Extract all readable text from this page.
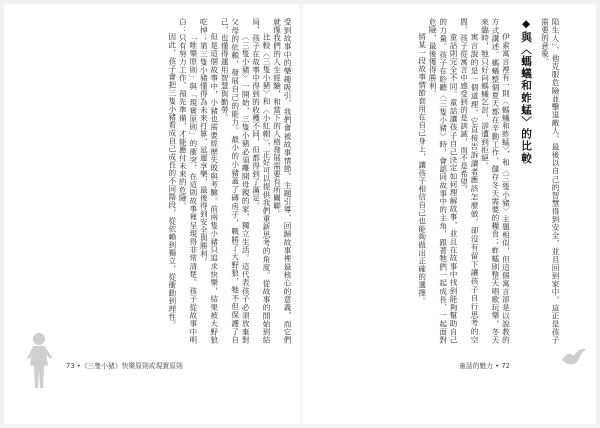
受到故事中的樂趣吸引，我們會被故事情節、主題引導，回歸故事裡最核心的意義，而它們就像我們的人生經驗，和當下的人格發展需要有所關聯。

比較〈三隻小豬〉和〈小紅帽〉，正好可以提供我們重新思考的角度。從故事的開始到結局，孩子在故事中得到的收穫不同，但都得到了滿足。

〈三隻小豬〉一開始，三隻小豬必須離開母親的家，獨立生活。這代表孩子必須放棄對父母的依賴，發展自己的能力。最小的小豬蓋了磚房子，戰勝了大野狼，牠不但保護了自己，也懂得運用智慧與勤勞。

但是這個故事中，小豬也需要經歷失敗與考驗。前兩隻小豬只追求快樂，結果被大野狼吃掉；第三隻小豬懂得為未來打算，延遲享樂，最後得到安全與勝利。

「唯樂原則」與「現實原則」的衝突，在這則故事裡呈現得非常清楚。孩子從故事中明白：只有努力工作、預先準備，才能應付未來的危險。

因此，孩子會把三隻小豬看成自己成長的不同階段，從依賴到獨立，從衝動到理性。	陷生人」，他克服危險並擊退敵人，最後以自己的智慧得到安全，並且回到家中，這正是孩子需要的意象。

◆與〈螞蟻和蚱蜢〉的比較

伊索寓言裡有一則〈螞蟻和蚱蜢〉，和〈三隻小豬〉主題相似，但這個寓言卻是以說教的方式講述。螞蟻整個夏天都在辛勤工作，儲存冬天需要的糧食；蚱蜢則整天唱歌玩樂，冬天來臨時，牠只好向螞蟻乞討，卻遭到拒絕。

寓言說的是一個道理，它直接告訴讀者應該怎麼做，卻沒有留下讓孩子自行思考的空間。孩子從寓言中感受到的是訓誡，而不是希望。

童話則完全不同。童話讓孩子自己決定如何理解故事，並且在故事中找到能夠幫助自己的力量。孩子在聆聽〈三隻小豬〉時，會認同故事中的主角，跟著牠們一起成長、一起面對危險，最後獲得勝利。

將某一段故事情節套用在自己身上，讓孩子相信自己也能夠做出正確的選擇。

73 •《三隻小豬》快樂原則或現實原則	童話的魅力 • 72
